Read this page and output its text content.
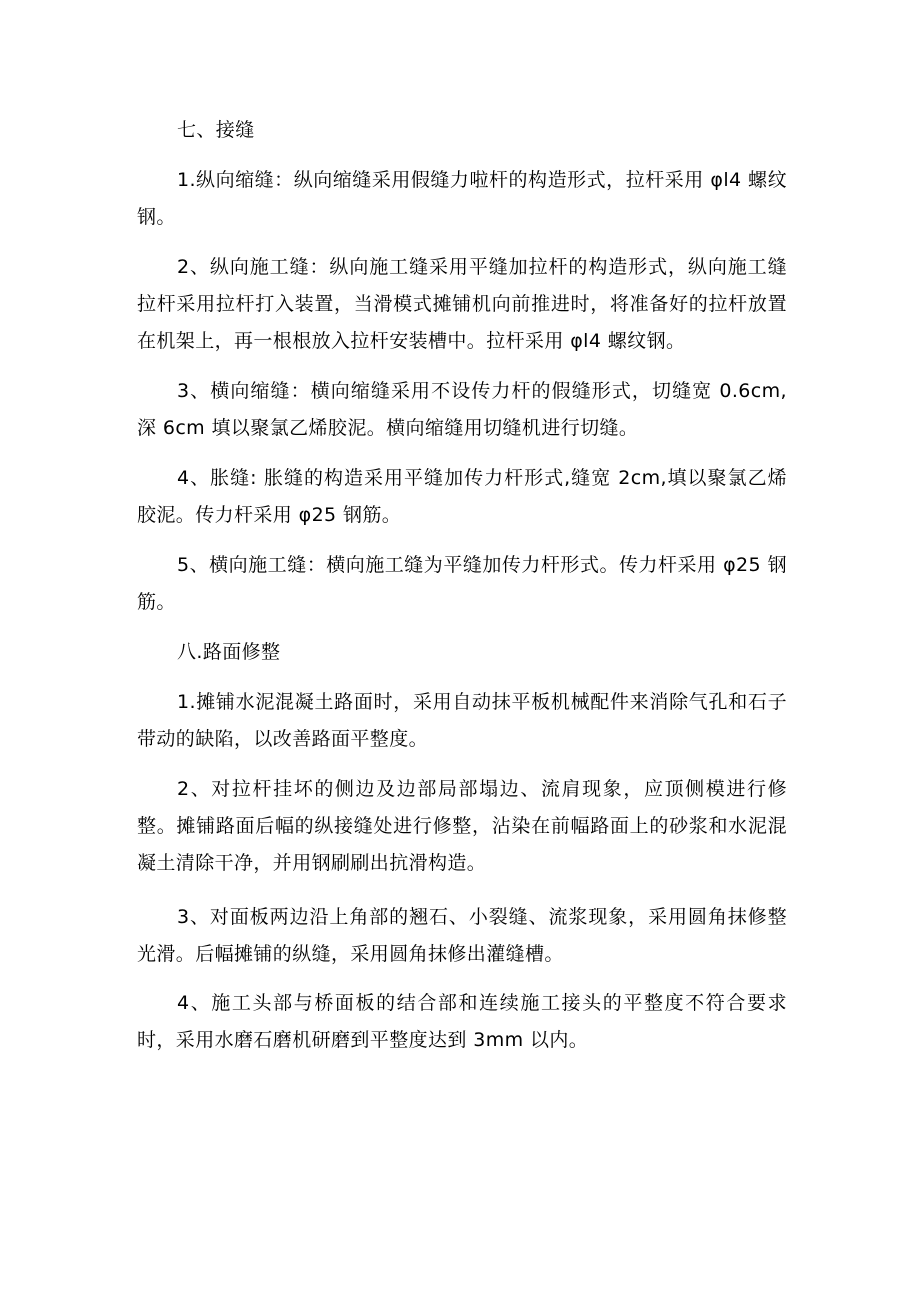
七、接缝

1.纵向缩缝：纵向缩缝采用假缝力啦杆的构造形式，拉杆采用 φl4 螺纹钢。

2、纵向施工缝：纵向施工缝采用平缝加拉杆的构造形式，纵向施工缝拉杆采用拉杆打入装置，当滑模式摊铺机向前推进时，将准备好的拉杆放置在机架上，再一根根放入拉杆安装槽中。拉杆采用 φl4 螺纹钢。

3、横向缩缝：横向缩缝采用不设传力杆的假缝形式，切缝宽 0.6cm,深 6cm 填以聚氯乙烯胶泥。横向缩缝用切缝机进行切缝。

4、胀缝: 胀缝的构造采用平缝加传力杆形式,缝宽 2cm,填以聚氯乙烯胶泥。传力杆采用 φ25 钢筋。

5、横向施工缝：横向施工缝为平缝加传力杆形式。传力杆采用 φ25 钢筋。

八.路面修整

1.摊铺水泥混凝土路面时，采用自动抹平板机械配件来消除气孔和石子带动的缺陷，以改善路面平整度。

2、对拉杆挂坏的侧边及边部局部塌边、流肩现象，应顶侧模进行修整。摊铺路面后幅的纵接缝处进行修整，沾染在前幅路面上的砂浆和水泥混凝土清除干净，并用钢刷刷出抗滑构造。

3、对面板两边沿上角部的翘石、小裂缝、流浆现象，采用圆角抹修整光滑。后幅摊铺的纵缝，采用圆角抹修出灌缝槽。

4、施工头部与桥面板的结合部和连续施工接头的平整度不符合要求时，采用水磨石磨机研磨到平整度达到 3mm 以内。
